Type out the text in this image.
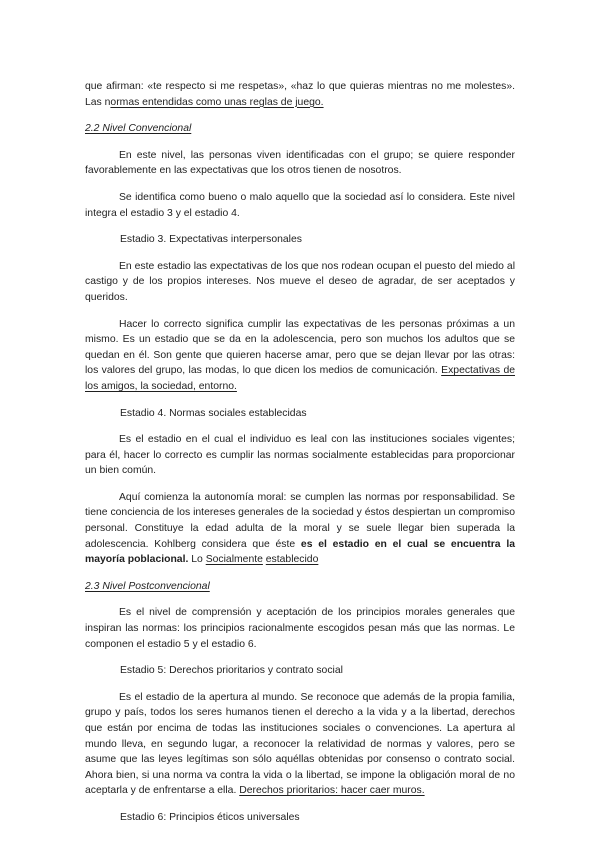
que afirman: «te respecto si me respetas», «haz lo que quieras mientras no me molestes». Las normas entendidas como unas reglas de juego.

2.2 Nivel Convencional

En este nivel, las personas viven identificadas con el grupo; se quiere responder favorablemente en las expectativas que los otros tienen de nosotros.

Se identifica como bueno o malo aquello que la sociedad así lo considera. Este nivel integra el estadio 3 y el estadio 4.

Estadio 3. Expectativas interpersonales

En este estadio las expectativas de los que nos rodean ocupan el puesto del miedo al castigo y de los propios intereses. Nos mueve el deseo de agradar, de ser aceptados y queridos.

Hacer lo correcto significa cumplir las expectativas de les personas próximas a un mismo. Es un estadio que se da en la adolescencia, pero son muchos los adultos que se quedan en él. Son gente que quieren hacerse amar, pero que se dejan llevar por las otras: los valores del grupo, las modas, lo que dicen los medios de comunicación. Expectativas de los amigos, la sociedad, entorno.

Estadio 4. Normas sociales establecidas

Es el estadio en el cual el individuo es leal con las instituciones sociales vigentes; para él, hacer lo correcto es cumplir las normas socialmente establecidas para proporcionar un bien común.

Aquí comienza la autonomía moral: se cumplen las normas por responsabilidad. Se tiene conciencia de los intereses generales de la sociedad y éstos despiertan un compromiso personal. Constituye la edad adulta de la moral y se suele llegar bien superada la adolescencia. Kohlberg considera que éste es el estadio en el cual se encuentra la mayoría poblacional. Lo Socialmente establecido

2.3 Nivel Postconvencional

Es el nivel de comprensión y aceptación de los principios morales generales que inspiran las normas: los principios racionalmente escogidos pesan más que las normas. Le componen el estadio 5 y el estadio 6.

Estadio 5: Derechos prioritarios y contrato social

Es el estadio de la apertura al mundo. Se reconoce que además de la propia familia, grupo y país, todos los seres humanos tienen el derecho a la vida y a la libertad, derechos que están por encima de todas las instituciones sociales o convenciones. La apertura al mundo lleva, en segundo lugar, a reconocer la relatividad de normas y valores, pero se asume que las leyes legítimas son sólo aquéllas obtenidas por consenso o contrato social. Ahora bien, si una norma va contra la vida o la libertad, se impone la obligación moral de no aceptarla y de enfrentarse a ella. Derechos prioritarios: hacer caer muros.

Estadio 6: Principios éticos universales
